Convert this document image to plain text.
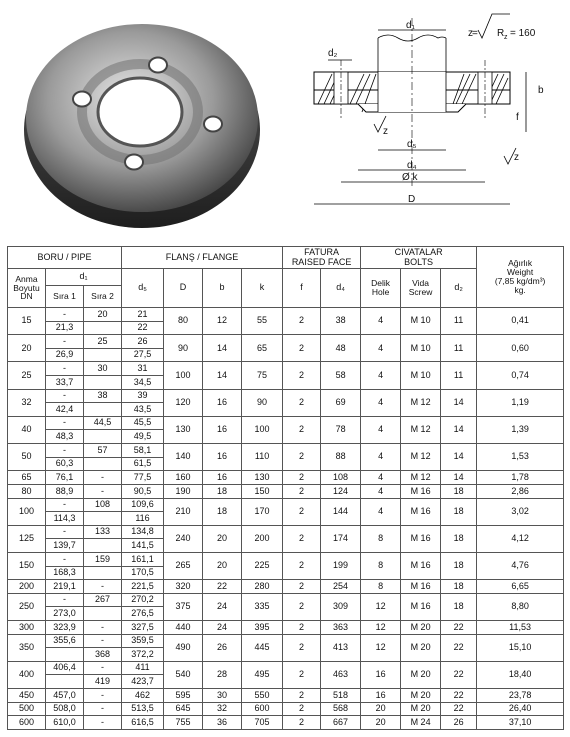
d₁
d₂
z = R z = 160
b
f
z
z
d₅
d₄
Ø k
D
BORU / PIPE			FLANŞ / FLANGE				FATURA
RAISED FACE		CIVATALAR
BOLTS			Ağırlık
Weight
(7,85 kg/dm³)
kg.
Anma
Boyutu
DN	d₁		d₅	D	b	k	f	d₄	Delik
Hole	Vida
Screw	d₂	
	Sıra 1	Sıra 2										
15	-	20	21	80	12	55	2	38	4	M 10	11	0,41
	21,3		22									
20	-	25	26	90	14	65	2	48	4	M 10	11	0,60
	26,9		27,5									
25	-	30	31	100	14	75	2	58	4	M 10	11	0,74
	33,7		34,5									
32	-	38	39	120	16	90	2	69	4	M 12	14	1,19
	42,4		43,5									
40	-	44,5	45,5	130	16	100	2	78	4	M 12	14	1,39
	48,3		49,5									
50	-	57	58,1	140	16	110	2	88	4	M 12	14	1,53
	60,3		61,5									
65	76,1	-	77,5	160	16	130	2	108	4	M 12	14	1,78
80	88,9	-	90,5	190	18	150	2	124	4	M 16	18	2,86
100	-	108	109,6	210	18	170	2	144	4	M 16	18	3,02
	114,3		116									
125	-	133	134,8	240	20	200	2	174	8	M 16	18	4,12
	139,7		141,5									
150	-	159	161,1	265	20	225	2	199	8	M 16	18	4,76
	168,3		170,5									
200	219,1	-	221,5	320	22	280	2	254	8	M 16	18	6,65
250	-	267	270,2	375	24	335	2	309	12	M 16	18	8,80
	273,0		276,5									
300	323,9	-	327,5	440	24	395	2	363	12	M 20	22	11,53
350	355,6	-	359,5	490	26	445	2	413	12	M 20	22	15,10
		368	372,2									
400	406,4	-	411	540	28	495	2	463	16	M 20	22	18,40
		419	423,7									
450	457,0	-	462	595	30	550	2	518	16	M 20	22	23,78
500	508,0	-	513,5	645	32	600	2	568	20	M 20	22	26,40
600	610,0	-	616,5	755	36	705	2	667	20	M 24	26	37,10
